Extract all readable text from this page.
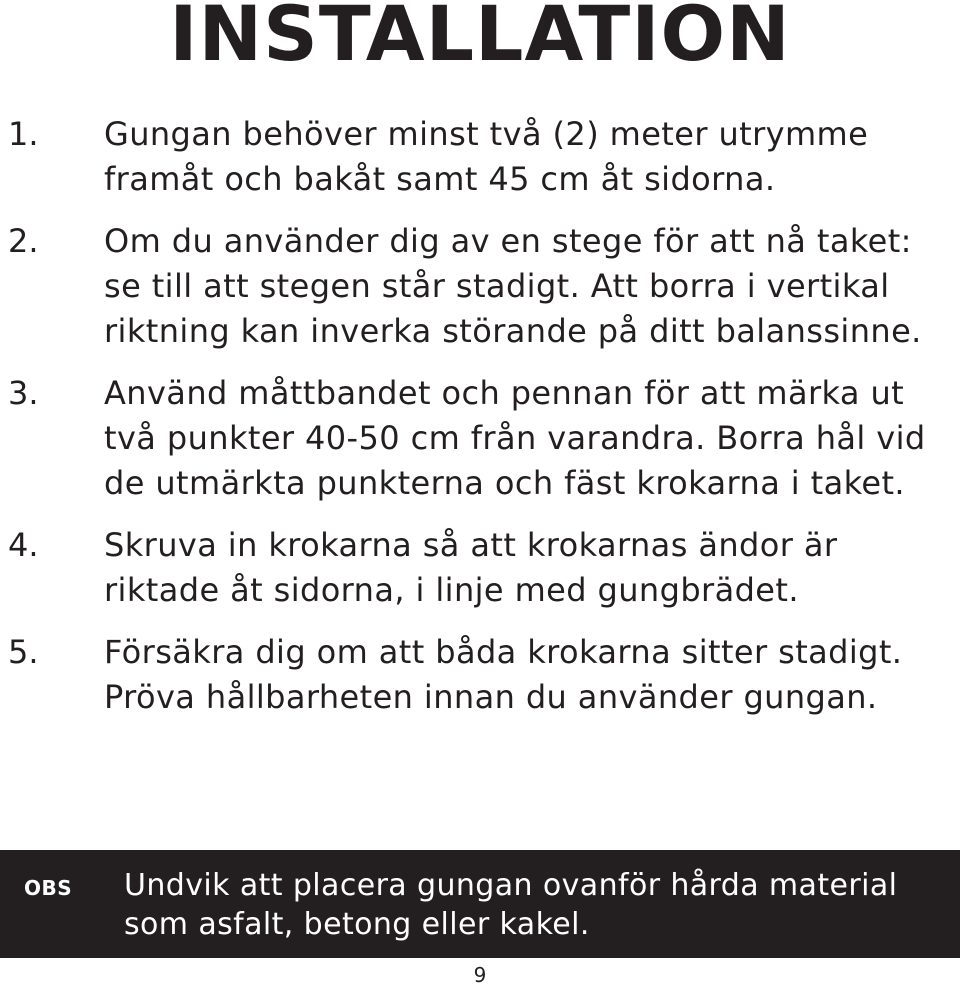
INSTALLATION
1. Gungan behöver minst två (2) meter utrymme framåt och bakåt samt 45 cm åt sidorna.
2. Om du använder dig av en stege för att nå taket: se till att stegen står stadigt. Att borra i vertikal riktning kan inverka störande på ditt balanssinne.
3. Använd måttbandet och pennan för att märka ut två punkter 40-50 cm från varandra. Borra hål vid de utmärkta punkterna och fäst krokarna i taket.
4. Skruva in krokarna så att krokarnas ändor är riktade åt sidorna, i linje med gungbrädet.
5. Försäkra dig om att båda krokarna sitter stadigt. Pröva hållbarheten innan du använder gungan.
OBS Undvik att placera gungan ovanför hårda material som asfalt, betong eller kakel.
9
